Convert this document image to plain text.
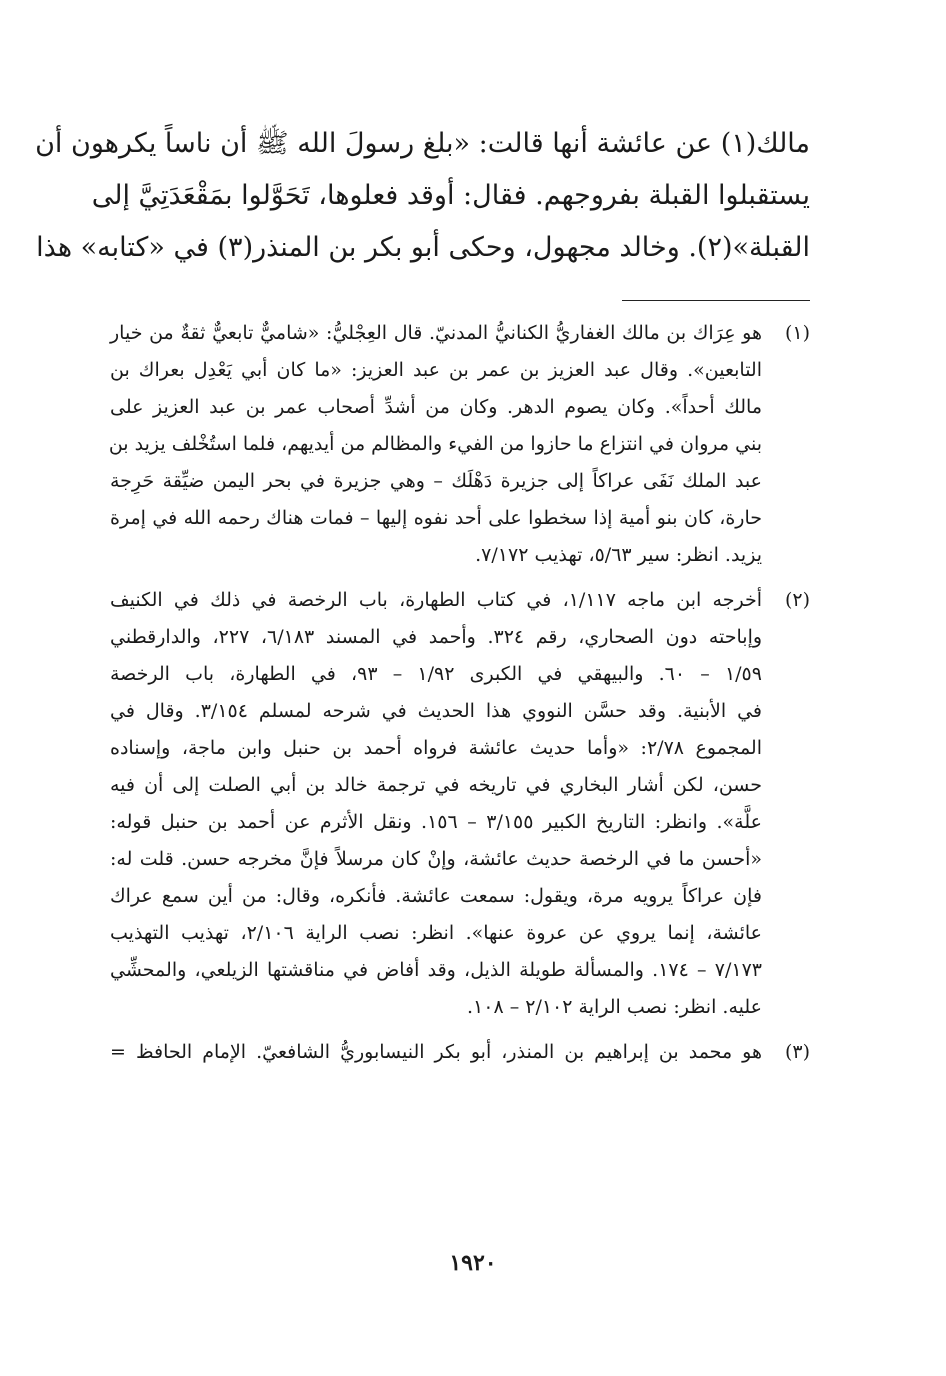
مالك(١) عن عائشة أنها قالت: «بلغ رسولَ الله ﷺ أن ناساً يكرهون أن
يستقبلوا القبلة بفروجهم. فقال: أوقد فعلوها، تَحَوَّلوا بمَقْعَدَتِيَّ إلى
القبلة»(٢). وخالد مجهول، وحكى أبو بكر بن المنذر(٣) في «كتابه» هذا
(١)
هو عِرَاك بن مالك الغفاريُّ الكنانيُّ المدنيّ. قال العِجْليُّ: «شاميٌّ تابعيٌّ ثقةٌ من خيار
التابعين». وقال عبد العزيز بن عمر بن عبد العزيز: «ما كان أبي يَعْدِل بعراك بن
مالك أحداً». وكان يصوم الدهر. وكان من أشدِّ أصحاب عمر بن عبد العزيز على
بني مروان في انتزاع ما حازوا من الفيء والمظالم من أيديهم، فلما استُخْلف يزيد بن
عبد الملك نَفَى عراكاً إلى جزيرة دَهْلَك – وهي جزيرة في بحر اليمن ضيِّقة حَرِجة
حارة، كان بنو أمية إذا سخطوا على أحد نفوه إليها – فمات هناك رحمه الله في إمرة
يزيد. انظر: سير ٥/٦٣، تهذيب ٧/١٧٢.
(٢)
أخرجه ابن ماجه ١/١١٧، في كتاب الطهارة، باب الرخصة في ذلك في الكنيف
وإباحته دون الصحاري، رقم ٣٢٤. وأحمد في المسند ٦/١٨٣، ٢٢٧، والدارقطني
١/٥٩ – ٦٠. والبيهقي في الكبرى ١/٩٢ – ٩٣، في الطهارة، باب الرخصة
في الأبنية. وقد حسَّن النووي هذا الحديث في شرحه لمسلم ٣/١٥٤. وقال في
المجموع ٢/٧٨: «وأما حديث عائشة فرواه أحمد بن حنبل وابن ماجة، وإسناده
حسن، لكن أشار البخاري في تاريخه في ترجمة خالد بن أبي الصلت إلى أن فيه
علَّة». وانظر: التاريخ الكبير ٣/١٥٥ – ١٥٦. ونقل الأثرم عن أحمد بن حنبل قوله:
«أحسن ما في الرخصة حديث عائشة، وإنْ كان مرسلاً فإنَّ مخرجه حسن. قلت له:
فإن عراكاً يرويه مرة، ويقول: سمعت عائشة. فأنكره، وقال: من أين سمع عراك
عائشة، إنما يروي عن عروة عنها». انظر: نصب الراية ٢/١٠٦، تهذيب التهذيب
٧/١٧٣ – ١٧٤. والمسألة طويلة الذيل، وقد أفاض في مناقشتها الزيلعي، والمحشِّي
عليه. انظر: نصب الراية ٢/١٠٢ – ١٠٨.
(٣)
هو محمد بن إبراهيم بن المنذر، أبو بكر النيسابوريُّ الشافعيّ. الإمام الحافظ =
١٩٢٠
